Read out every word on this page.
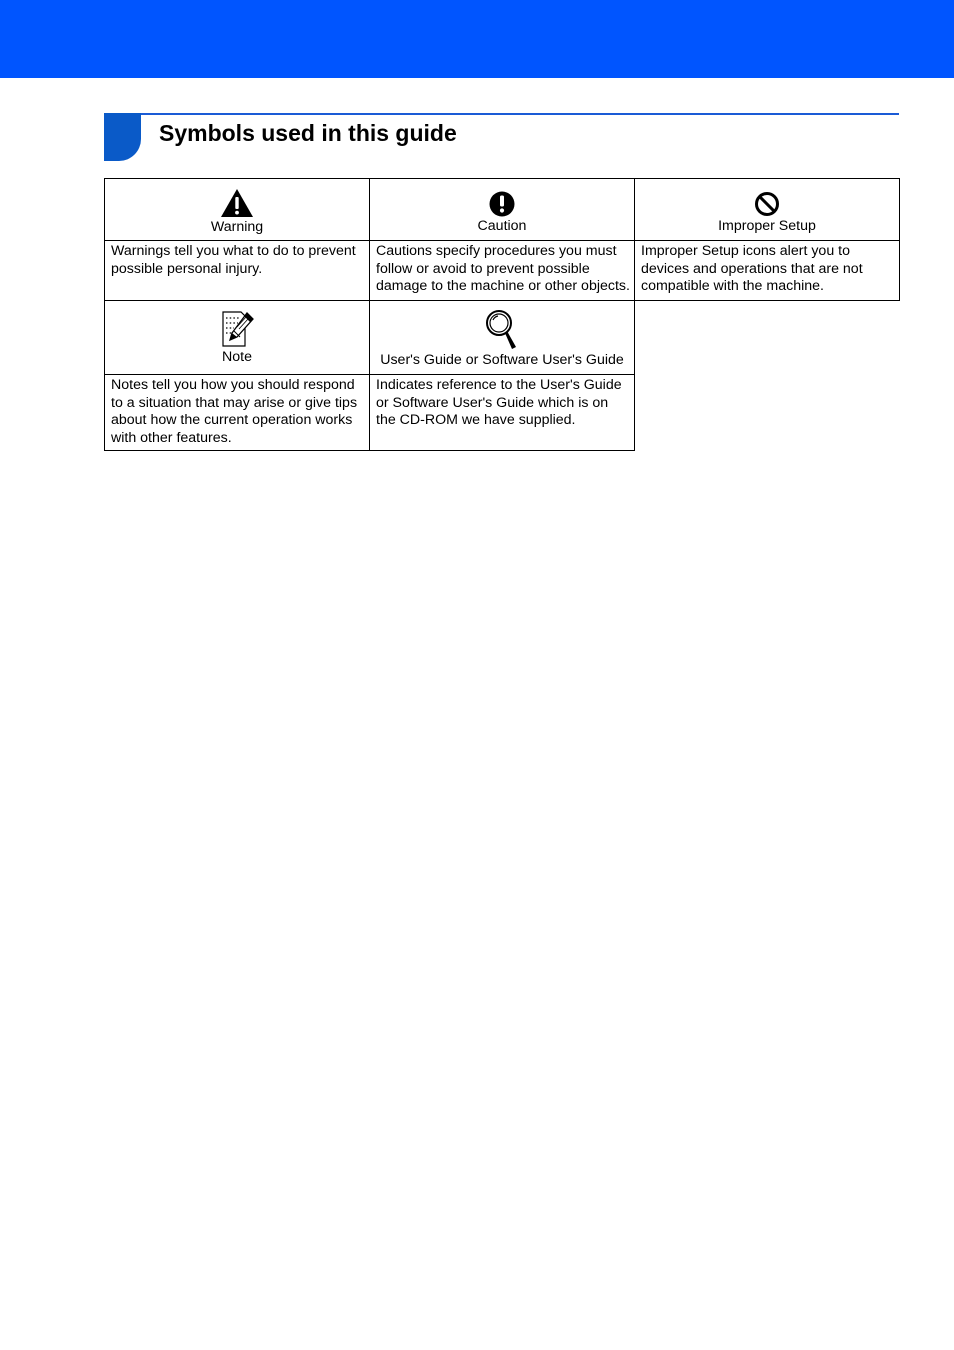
Symbols used in this guide
Warning	Caution	Improper Setup

Warnings tell you what to do to prevent possible personal injury.	Cautions specify procedures you must follow or avoid to prevent possible damage to the machine or other objects.	Improper Setup icons alert you to devices and operations that are not compatible with the machine.

Note	User's Guide or Software User's Guide	

Notes tell you how you should respond to a situation that may arise or give tips about how the current operation works with other features.	Indicates reference to the User's Guide or Software User's Guide which is on the CD-ROM we have supplied.	
